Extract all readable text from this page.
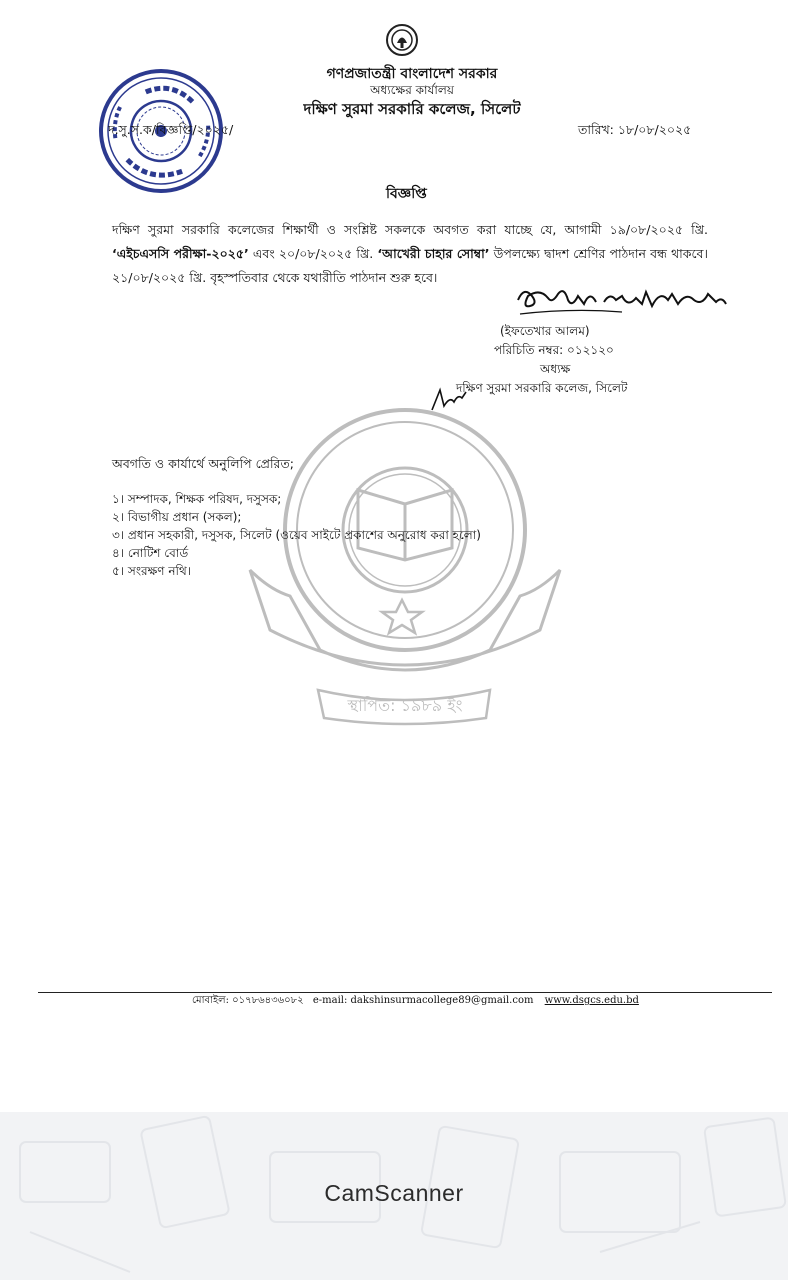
গণপ্রজাতন্ত্রী বাংলাদেশ সরকার
অধ্যক্ষের কার্যালয়
দক্ষিণ সুরমা সরকারি কলেজ, সিলেট
দ.সু.স.ক/বিজ্ঞপ্তি/২০২৫/	তারিখ: ১৮/০৮/২০২৫
বিজ্ঞপ্তি
দক্ষিণ সুরমা সরকারি কলেজের শিক্ষার্থী ও সংশ্লিষ্ট সকলকে অবগত করা যাচ্ছে যে, আগামী ১৯/০৮/২০২৫ খ্রি. ‘এইচএসসি পরীক্ষা-২০২৫’ এবং ২০/০৮/২০২৫ খ্রি. ‘আখেরী চাহার সোম্বা’ উপলক্ষ্যে দ্বাদশ শ্রেণির পাঠদান বন্ধ থাকবে। ২১/০৮/২০২৫ খ্রি. বৃহস্পতিবার থেকে যথারীতি পাঠদান শুরু হবে।
(ইফতেখার আলম)
পরিচিতি নম্বর: ০১২১২০
অধ্যক্ষ
দক্ষিণ সুরমা সরকারি কলেজ, সিলেট
স্থাপিত: ১৯৮৯ ইং
অবগতি ও কার্যার্থে অনুলিপি প্রেরিত;
১। সম্পাদক, শিক্ষক পরিষদ, দসুসক;
২। বিভাগীয় প্রধান (সকল);
৩। প্রধান সহকারী, দসুসক, সিলেট (ওয়েব সাইটে প্রকাশের অনুরোধ করা হলো)
৪। নোটিশ বোর্ড
৫। সংরক্ষণ নথি।
মোবাইল: ০১৭৮৬৪৩৬০৮২ e-mail: dakshinsurmacollege89@gmail.com www.dsgcs.edu.bd
CamScanner
